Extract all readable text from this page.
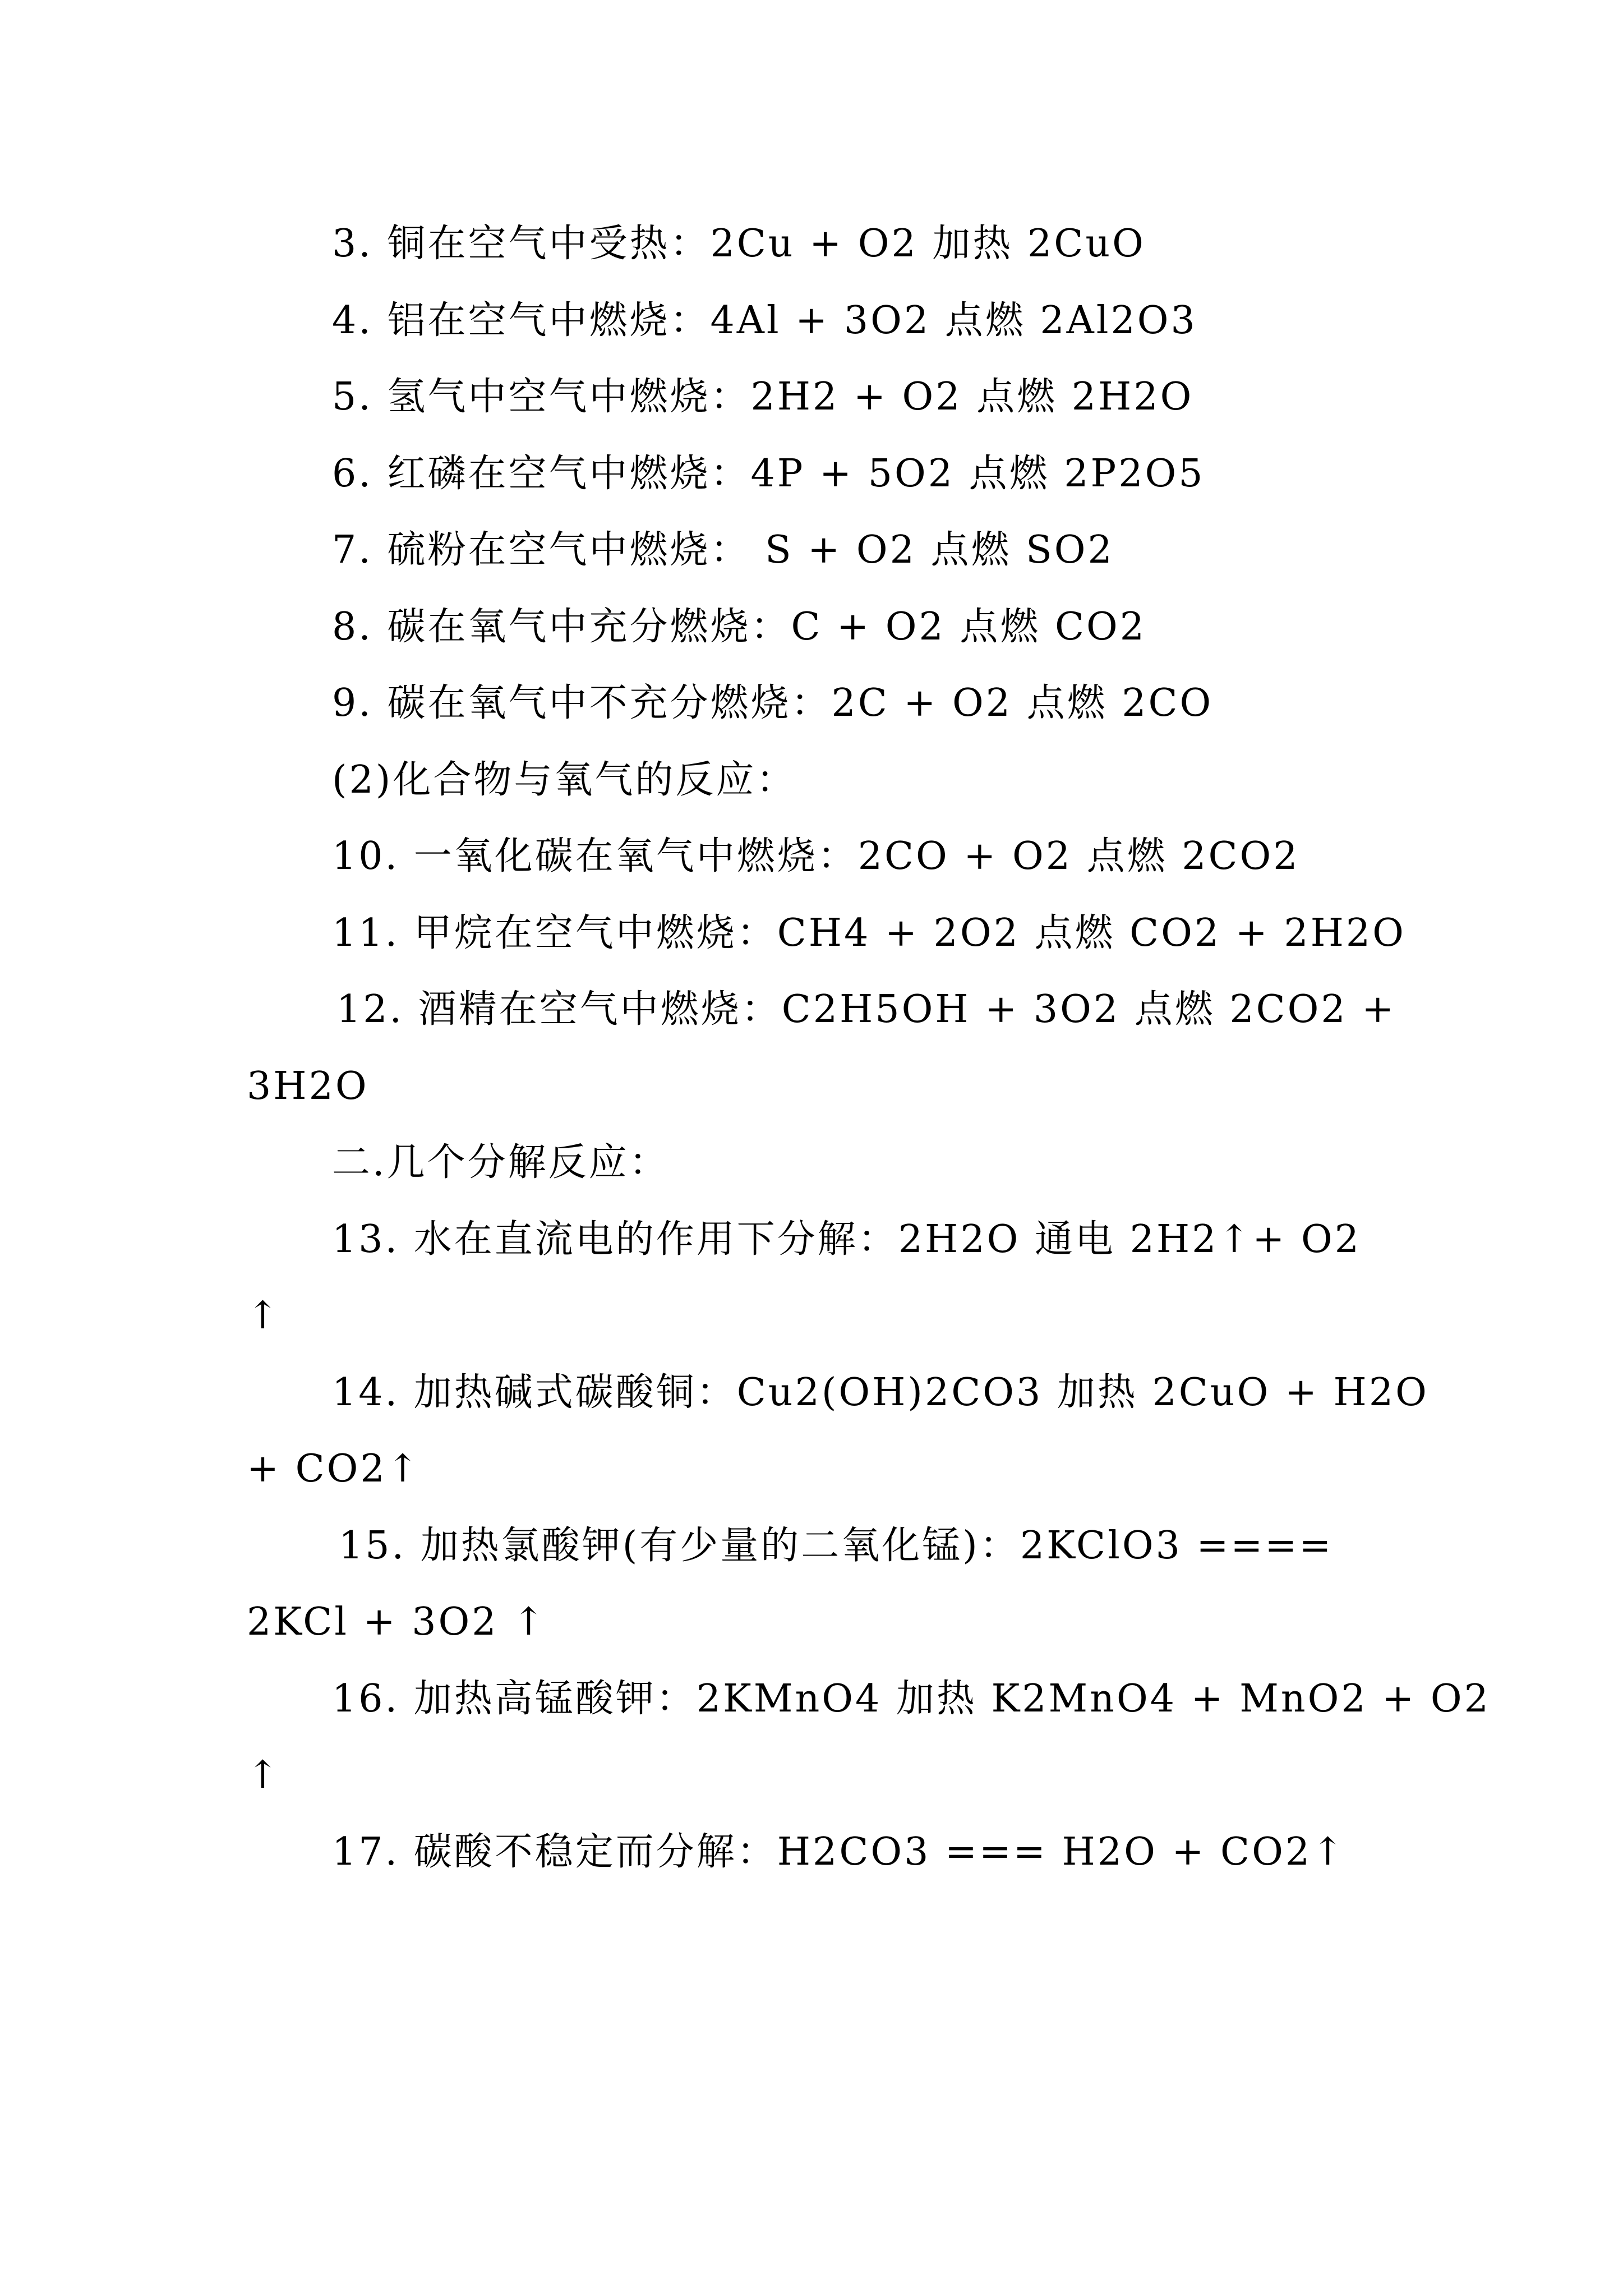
3. 铜在空气中受热：2Cu + O2 加热 2CuO
4. 铝在空气中燃烧：4Al + 3O2 点燃 2Al2O3
5. 氢气中空气中燃烧：2H2 + O2 点燃 2H2O
6. 红磷在空气中燃烧：4P + 5O2 点燃 2P2O5
7. 硫粉在空气中燃烧： S + O2 点燃 SO2
8. 碳在氧气中充分燃烧：C + O2 点燃 CO2
9. 碳在氧气中不充分燃烧：2C + O2 点燃 2CO
(2)化合物与氧气的反应：
10. 一氧化碳在氧气中燃烧：2CO + O2 点燃 2CO2
11. 甲烷在空气中燃烧：CH4 + 2O2 点燃 CO2 + 2H2O
12. 酒精在空气中燃烧：C2H5OH + 3O2 点燃 2CO2 +
3H2O
二.几个分解反应：
13. 水在直流电的作用下分解：2H2O 通电 2H2↑+ O2
↑
14. 加热碱式碳酸铜：Cu2(OH)2CO3 加热 2CuO + H2O
+ CO2↑
15. 加热氯酸钾(有少量的二氧化锰)：2KClO3 ====
2KCl + 3O2 ↑
16. 加热高锰酸钾：2KMnO4 加热 K2MnO4 + MnO2 + O2
↑
17. 碳酸不稳定而分解：H2CO3 === H2O + CO2↑
